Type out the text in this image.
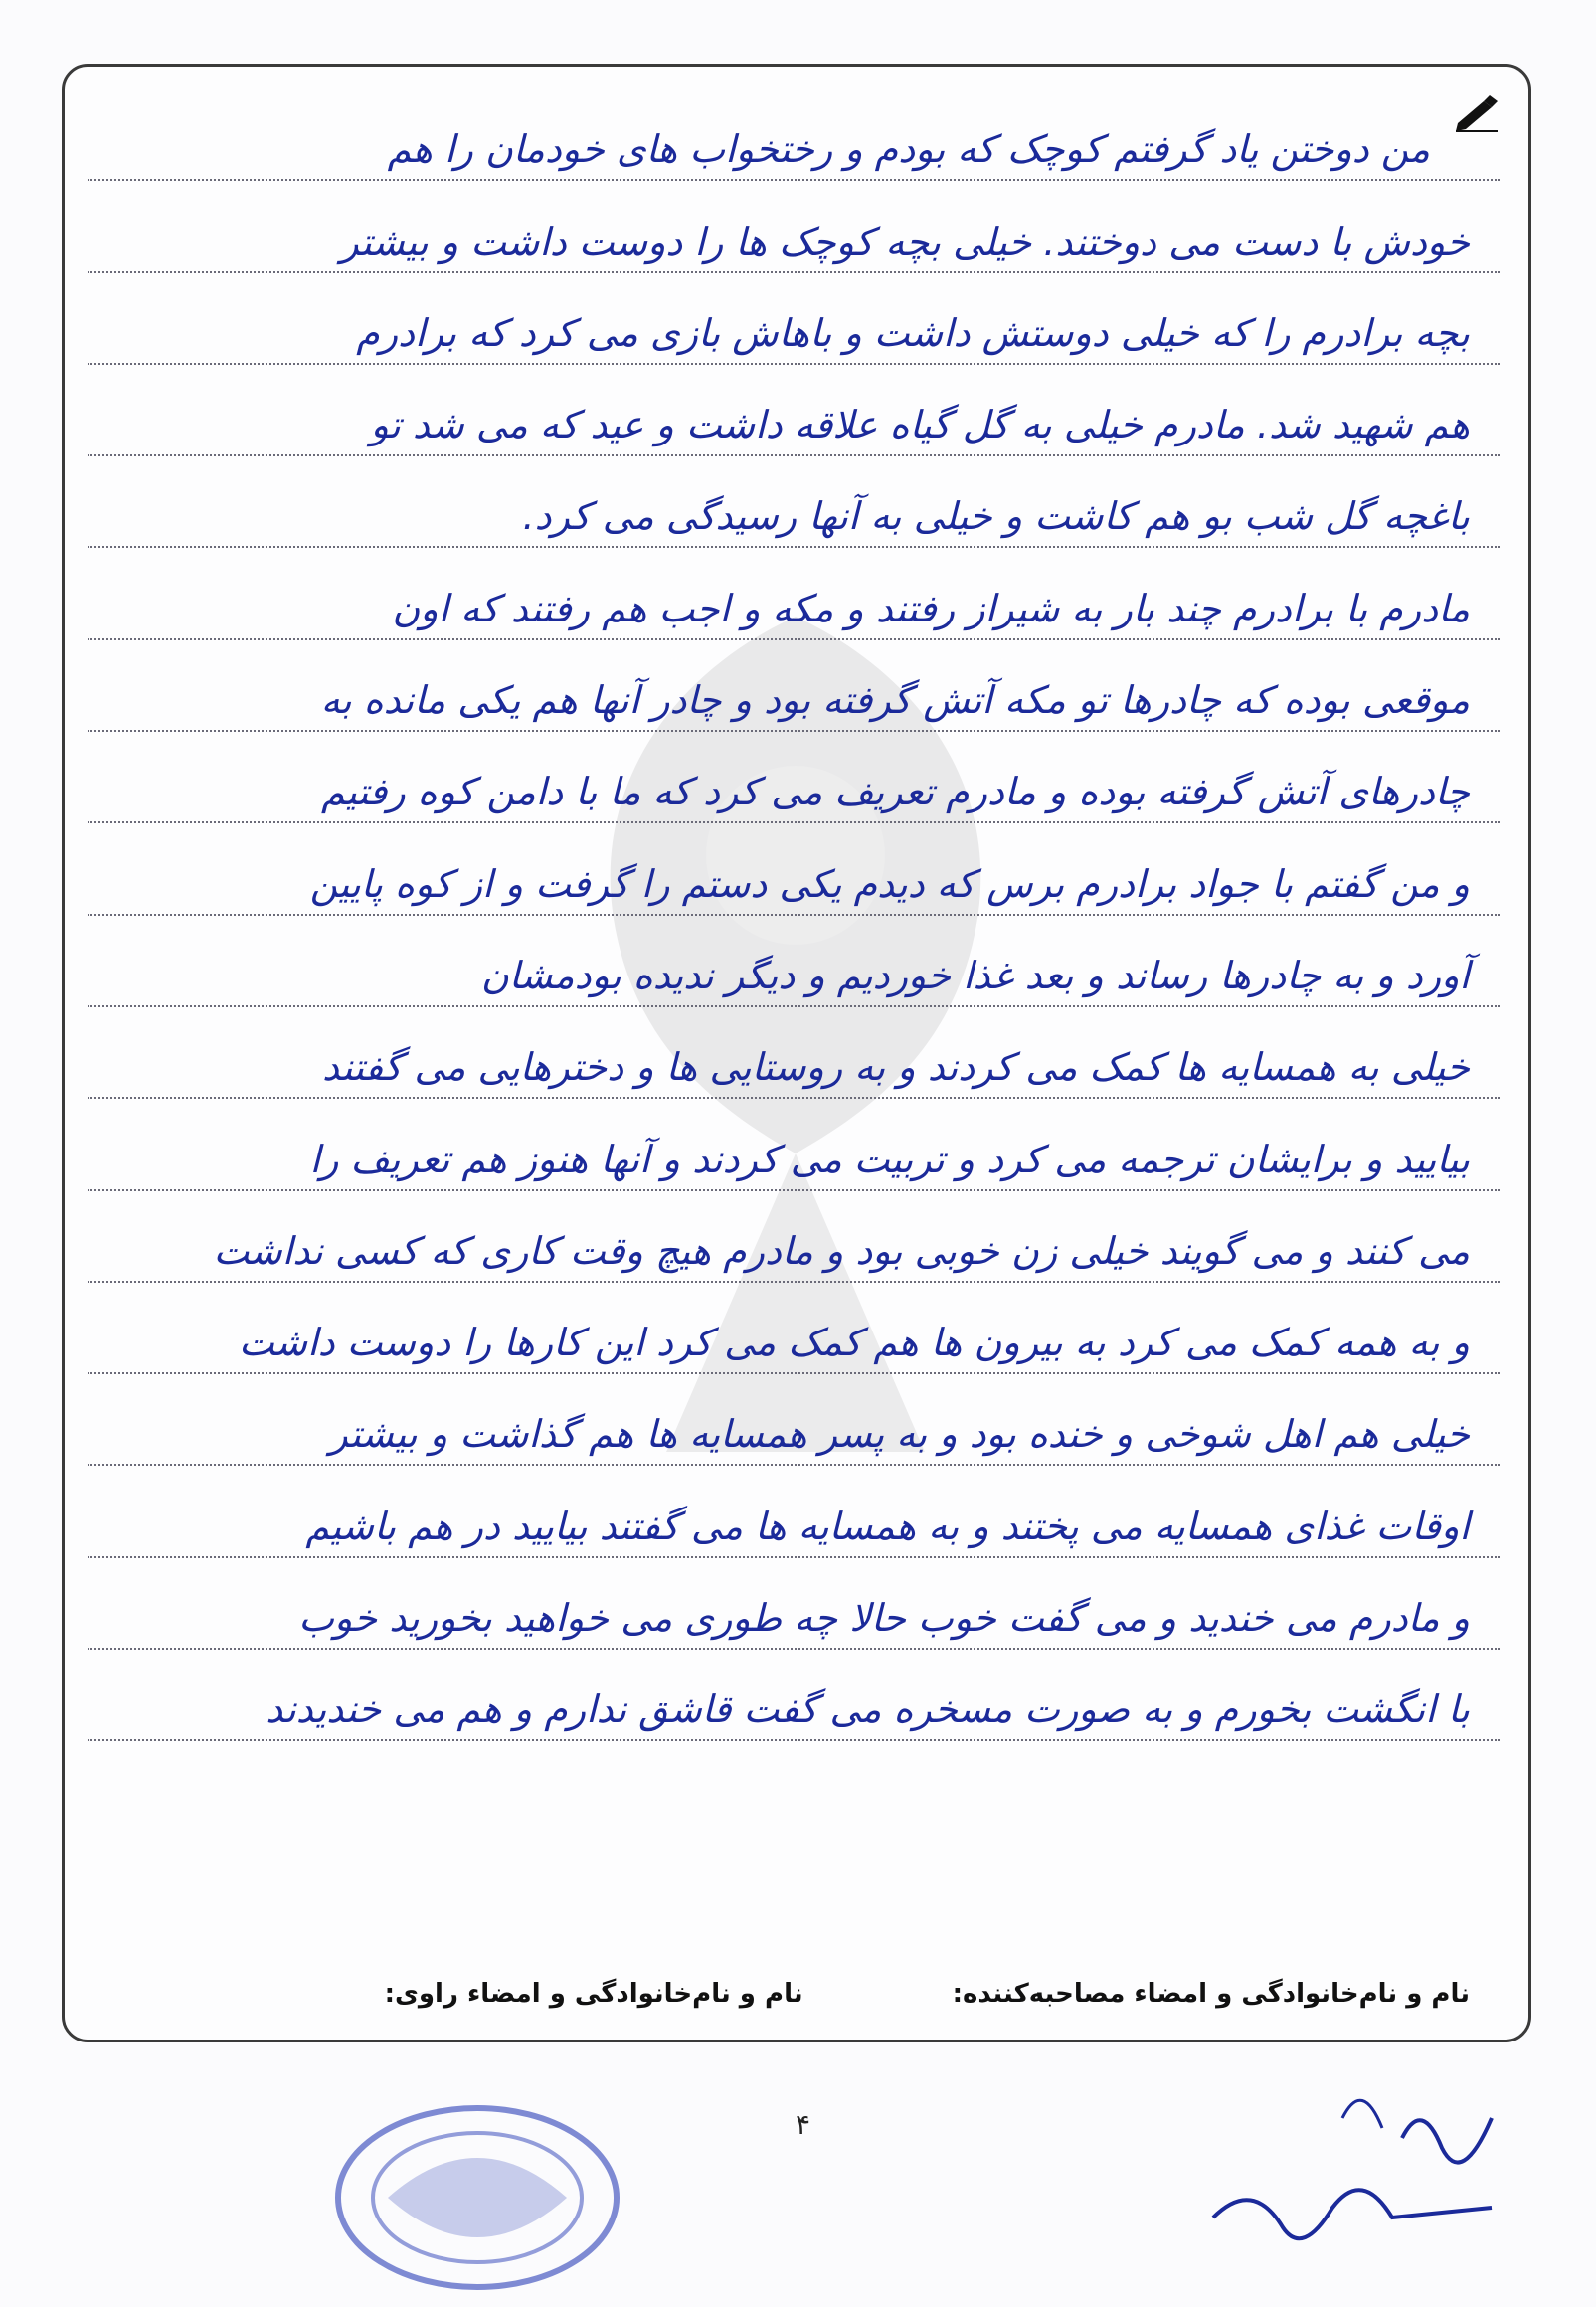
من دوختن یاد گرفتم کوچک که بودم و رختخواب های خودمان را هم
خودش با دست می دوختند. خیلی بچه کوچک ها را دوست داشت و بیشتر
بچه برادرم را که خیلی دوستش داشت و باهاش بازی می کرد که برادرم
هم شهید شد. مادرم خیلی به گل گیاه علاقه داشت و عید که می شد تو
باغچه گل شب بو هم کاشت و خیلی به آنها رسیدگی می کرد.
مادرم با برادرم چند بار به شیراز رفتند و مکه و اجب هم رفتند که اون
موقعی بوده که چادرها تو مکه آتش گرفته بود و چادر آنها هم یکی مانده به
چادرهای آتش گرفته بوده و مادرم تعریف می کرد که ما با دامن کوه رفتیم
و من گفتم با جواد برادرم برس که دیدم یکی دستم را گرفت و از کوه پایین
آورد و به چادرها رساند و بعد غذا خوردیم و دیگر ندیده بودمشان
خیلی به همسایه ها کمک می کردند و به روستایی ها و دخترهایی می گفتند
بیایید و برایشان ترجمه می کرد و تربیت می کردند و آنها هنوز هم تعریف را
می کنند و می گویند خیلی زن خوبی بود و مادرم هیچ وقت کاری که کسی نداشت
و به همه کمک می کرد به بیرون ها هم کمک می کرد این کارها را دوست داشت
خیلی هم اهل شوخی و خنده بود و به پسر همسایه ها هم گذاشت و بیشتر
اوقات غذای همسایه می پختند و به همسایه ها می گفتند بیایید در هم باشیم
و مادرم می خندید و می گفت خوب حالا چه طوری می خواهید بخورید خوب
با انگشت بخورم و به صورت مسخره می گفت قاشق ندارم و هم می خندیدند
نام و نام‌خانوادگی و امضاء مصاحبه‌کننده:
نام و نام‌خانوادگی و امضاء راوی:
۴
